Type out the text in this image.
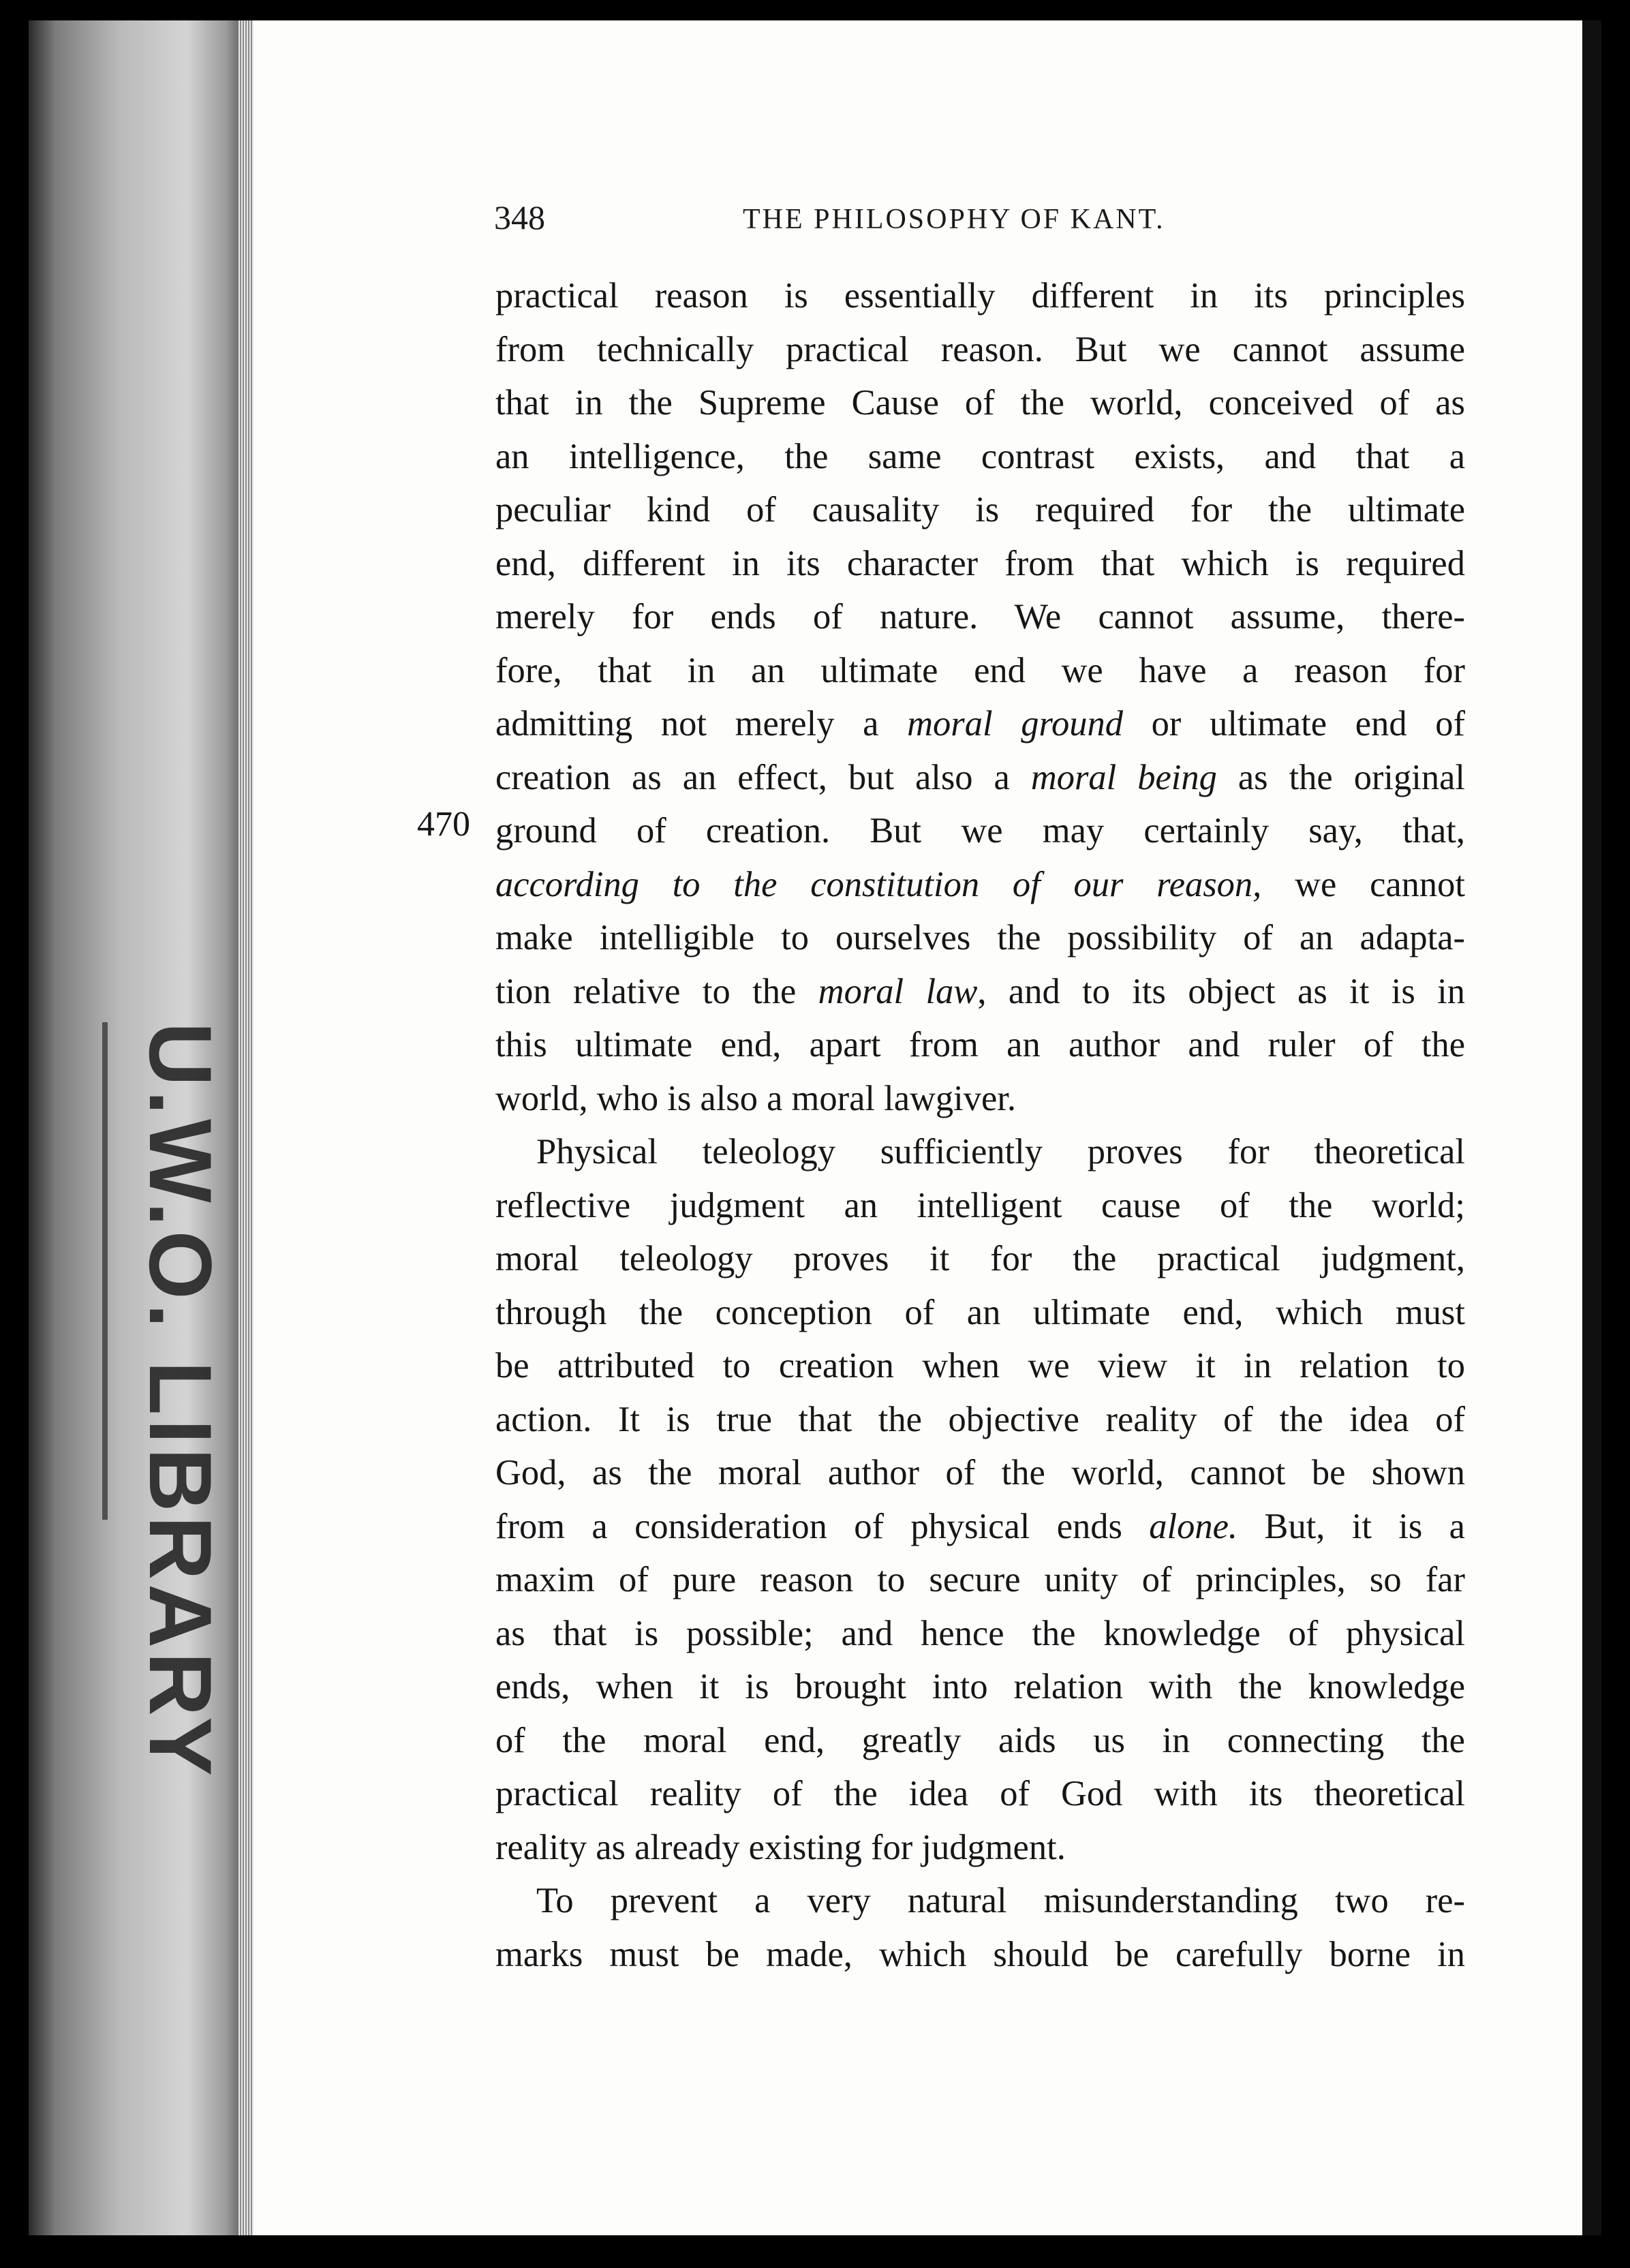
U.W.O. LIBRARY
348	THE PHILOSOPHY OF KANT.
470
practical reason is essentially different in its principles
from technically practical reason. But we cannot assume
that in the Supreme Cause of the world, conceived of as
an intelligence, the same contrast exists, and that a
peculiar kind of causality is required for the ultimate
end, different in its character from that which is required
merely for ends of nature. We cannot assume, there-
fore, that in an ultimate end we have a reason for
admitting not merely a moral ground or ultimate end of
creation as an effect, but also a moral being as the original
ground of creation. But we may certainly say, that,
according to the constitution of our reason, we cannot
make intelligible to ourselves the possibility of an adapta-
tion relative to the moral law, and to its object as it is in
this ultimate end, apart from an author and ruler of the
world, who is also a moral lawgiver.
Physical teleology sufficiently proves for theoretical
reflective judgment an intelligent cause of the world;
moral teleology proves it for the practical judgment,
through the conception of an ultimate end, which must
be attributed to creation when we view it in relation to
action. It is true that the objective reality of the idea of
God, as the moral author of the world, cannot be shown
from a consideration of physical ends alone. But, it is a
maxim of pure reason to secure unity of principles, so far
as that is possible; and hence the knowledge of physical
ends, when it is brought into relation with the knowledge
of the moral end, greatly aids us in connecting the
practical reality of the idea of God with its theoretical
reality as already existing for judgment.
To prevent a very natural misunderstanding two re-
marks must be made, which should be carefully borne in
